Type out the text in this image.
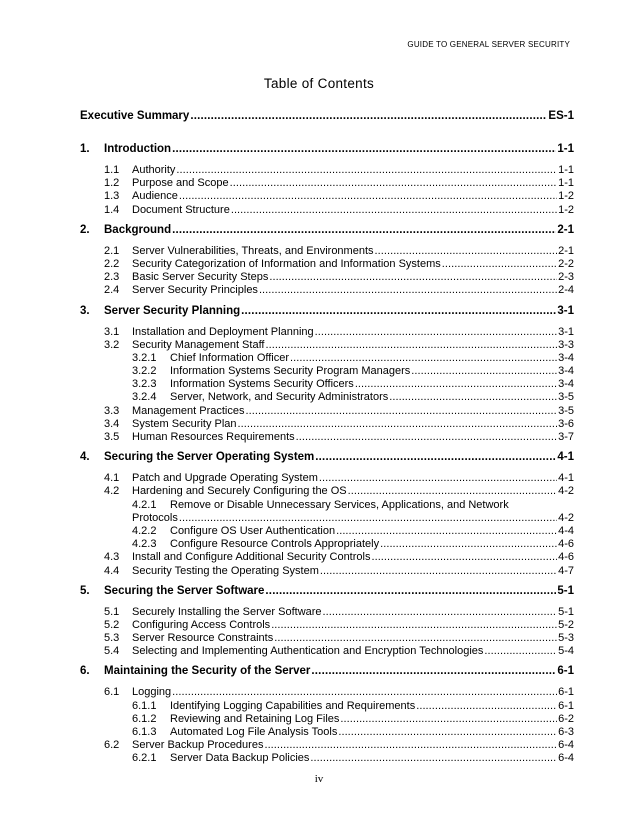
GUIDE TO GENERAL SERVER SECURITY
Table of Contents
Executive Summary . . .	ES-1
1.	Introduction . . .	1-1
1.1	Authority . . .	1-1
1.2	Purpose and Scope . . .	1-1
1.3	Audience . . .	1-2
1.4	Document Structure . . .	1-2
2.	Background . . .	2-1
2.1	Server Vulnerabilities, Threats, and Environments . . .	2-1
2.2	Security Categorization of Information and Information Systems . . .	2-2
2.3	Basic Server Security Steps . . .	2-3
2.4	Server Security Principles . . .	2-4
3.	Server Security Planning . . .	3-1
3.1	Installation and Deployment Planning . . .	3-1
3.2	Security Management Staff . . .	3-3
3.2.1	Chief Information Officer . . .	3-4
3.2.2	Information Systems Security Program Managers . . .	3-4
3.2.3	Information Systems Security Officers . . .	3-4
3.2.4	Server, Network, and Security Administrators . . .	3-5
3.3	Management Practices . . .	3-5
3.4	System Security Plan . . .	3-6
3.5	Human Resources Requirements . . .	3-7
4.	Securing the Server Operating System . . .	4-1
4.1	Patch and Upgrade Operating System . . .	4-1
4.2	Hardening and Securely Configuring the OS . . .	4-2
4.2.1 Remove or Disable Unnecessary Services, Applications, and Network
Protocols . . .	4-2
4.2.2	Configure OS User Authentication . . .	4-4
4.2.3	Configure Resource Controls Appropriately . . .	4-6
4.3	Install and Configure Additional Security Controls . . .	4-6
4.4	Security Testing the Operating System . . .	4-7
5.	Securing the Server Software . . .	5-1
5.1	Securely Installing the Server Software . . .	5-1
5.2	Configuring Access Controls . . .	5-2
5.3	Server Resource Constraints . . .	5-3
5.4	Selecting and Implementing Authentication and Encryption Technologies . . .	5-4
6.	Maintaining the Security of the Server . . .	6-1
6.1	Logging . . .	6-1
6.1.1	Identifying Logging Capabilities and Requirements . . .	6-1
6.1.2	Reviewing and Retaining Log Files . . .	6-2
6.1.3	Automated Log File Analysis Tools . . .	6-3
6.2	Server Backup Procedures . . .	6-4
6.2.1	Server Data Backup Policies . . .	6-4
iv
